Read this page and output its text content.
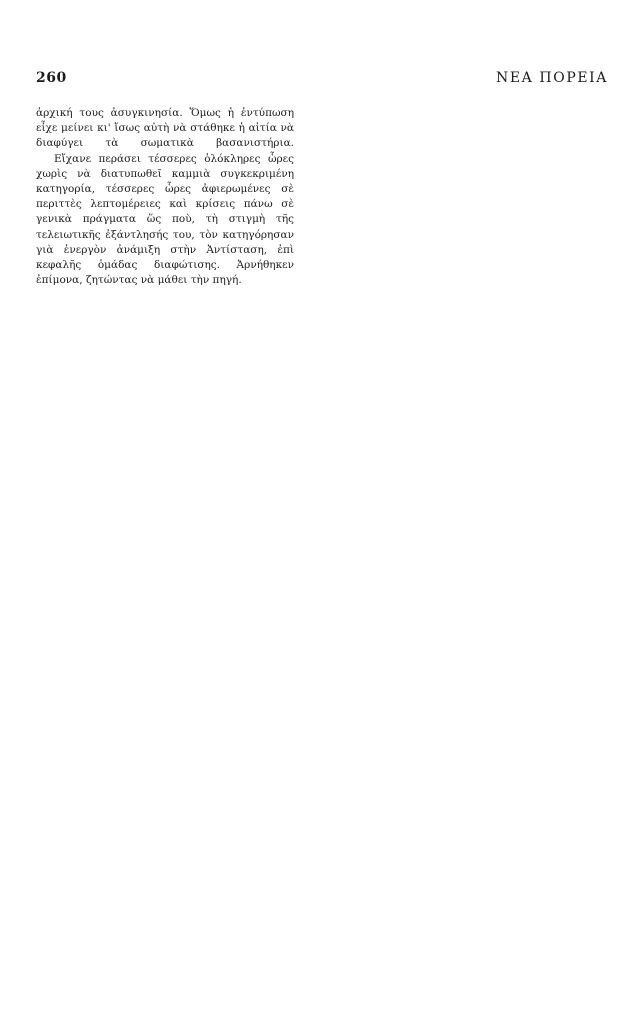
260	ΝΕΑ ΠΟΡΕΙΑ

ἀρχική τους ἀσυγκινησία. Ὅμως ἡ ἐντύπωση εἶχε μείνει κι' ἴσως αὐτὴ νὰ στάθηκε ἡ αἰτία νὰ διαφύγει τὰ σωματικὰ βασανιστήρια.

Εἴχανε περάσει τέσσερες ὁλόκληρες ὧρες χωρὶς νὰ διατυπωθεῖ καμμιὰ συγκεκριμένη κατηγορία, τέσσερες ὧρες ἀφιερωμένες σὲ περιττὲς λεπτομέρειες καὶ κρίσεις πάνω σὲ γενικὰ πράγματα ὥς ποὺ, τὴ στιγμὴ τῆς τελειωτικῆς ἐξάντλησής του, τὸν κατηγόρησαν γιὰ ἐνεργὸν ἀνάμιξη στὴν Ἀντίσταση, ἐπὶ κεφαλῆς ὁμάδας διαφώτισης. Ἀρνήθηκεν ἐπίμονα, ζητώντας νὰ μάθει τὴν πηγή.
